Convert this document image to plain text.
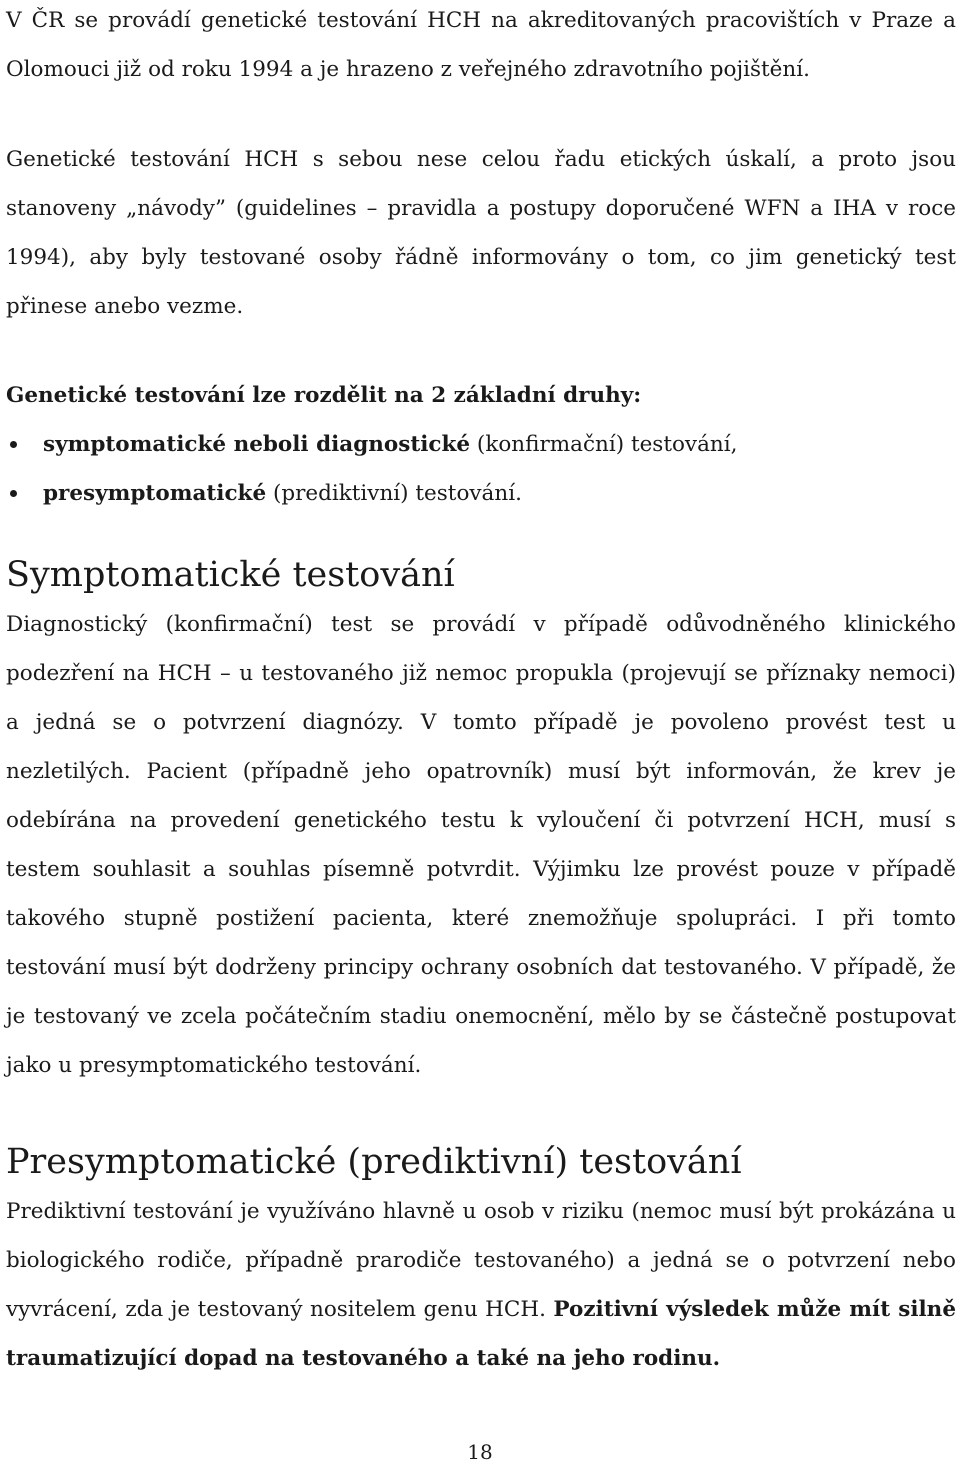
V ČR se provádí genetické testování HCH na akreditovaných pracovištích v Praze a Olomouci již od roku 1994 a je hrazeno z veřejného zdravotního pojištění.

Genetické testování HCH s sebou nese celou řadu etických úskalí, a proto jsou stanoveny „návody” (guidelines – pravidla a postupy doporučené WFN a IHA v roce 1994), aby byly testované osoby řádně informovány o tom, co jim genetický test přinese anebo vezme.

Genetické testování lze rozdělit na 2 základní druhy:

symptomatické neboli diagnostické (konfirmační) testování,
presymptomatické (prediktivní) testování.
Symptomatické testování

Diagnostický (konfirmační) test se provádí v případě odůvodněného klinického podezření na HCH – u testovaného již nemoc propukla (projevují se příznaky nemoci) a jedná se o potvrzení diagnózy. V tomto případě je povoleno provést test u nezletilých. Pacient (případně jeho opatrovník) musí být informován, že krev je odebírána na provedení genetického testu k vyloučení či potvrzení HCH, musí s testem souhlasit a souhlas písemně potvrdit. Výjimku lze provést pouze v případě takového stupně postižení pacienta, které znemožňuje spolupráci. I při tomto testování musí být dodrženy principy ochrany osobních dat testovaného. V případě, že je testovaný ve zcela počátečním stadiu onemocnění, mělo by se částečně postupovat jako u presymptomatického testování.

Presymptomatické (prediktivní) testování

Prediktivní testování je využíváno hlavně u osob v riziku (nemoc musí být prokázána u biologického rodiče, případně prarodiče testovaného) a jedná se o potvrzení nebo vyvrácení, zda je testovaný nositelem genu HCH. Pozitivní výsledek může mít silně traumatizující dopad na testovaného a také na jeho rodinu.

18
